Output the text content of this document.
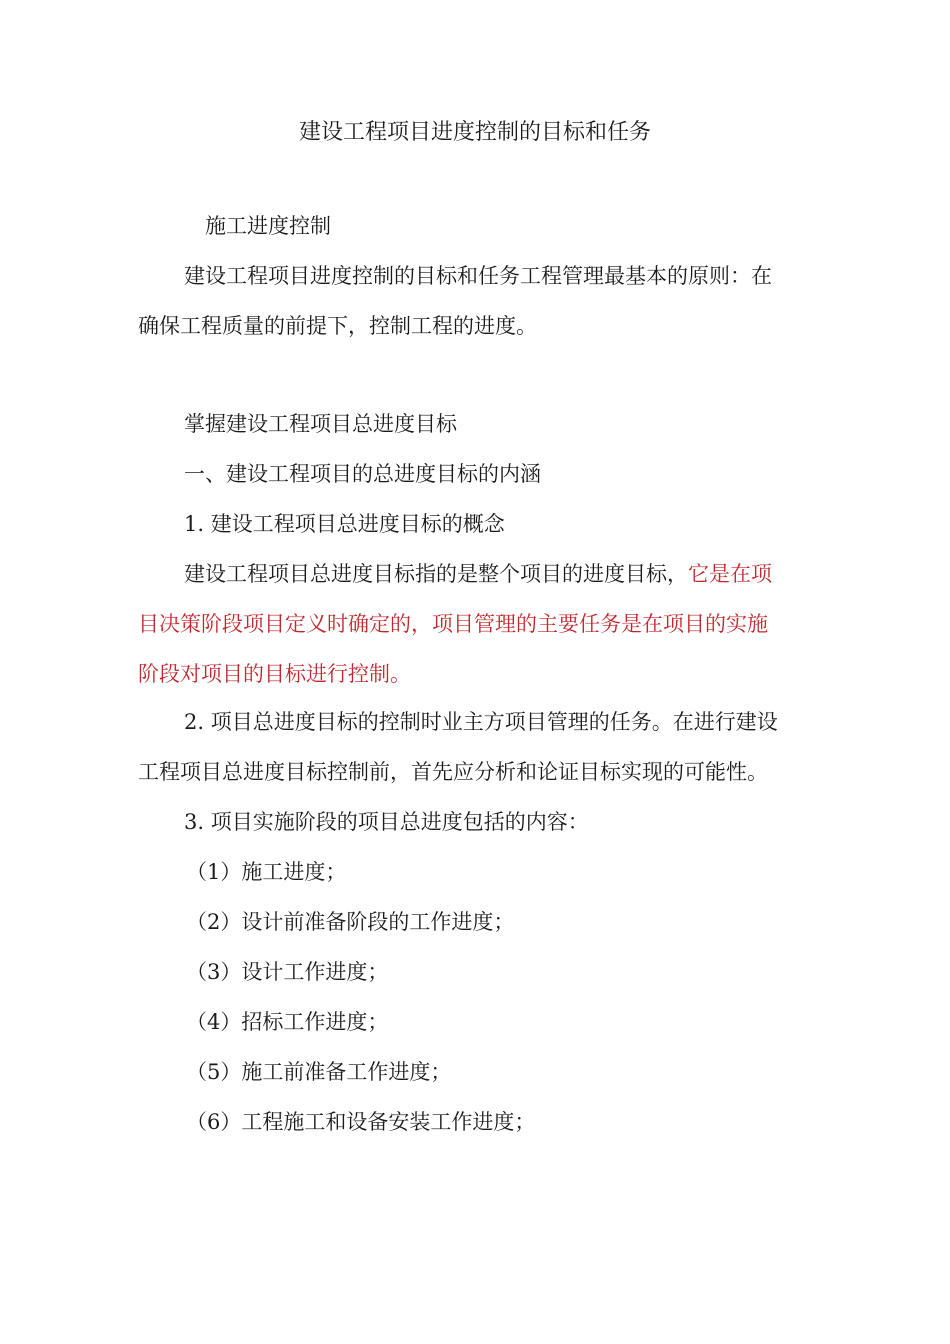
建设工程项目进度控制的目标和任务
施工进度控制
建设工程项目进度控制的目标和任务工程管理最基本的原则：在
确保工程质量的前提下，控制工程的进度。
掌握建设工程项目总进度目标
一、建设工程项目的总进度目标的内涵
1. 建设工程项目总进度目标的概念
建设工程项目总进度目标指的是整个项目的进度目标，它是在项
目决策阶段项目定义时确定的，项目管理的主要任务是在项目的实施
阶段对项目的目标进行控制。
2. 项目总进度目标的控制时业主方项目管理的任务。在进行建设
工程项目总进度目标控制前，首先应分析和论证目标实现的可能性。
3. 项目实施阶段的项目总进度包括的内容：
（1）施工进度；
（2）设计前准备阶段的工作进度；
（3）设计工作进度；
（4）招标工作进度；
（5）施工前准备工作进度；
（6）工程施工和设备安装工作进度；
